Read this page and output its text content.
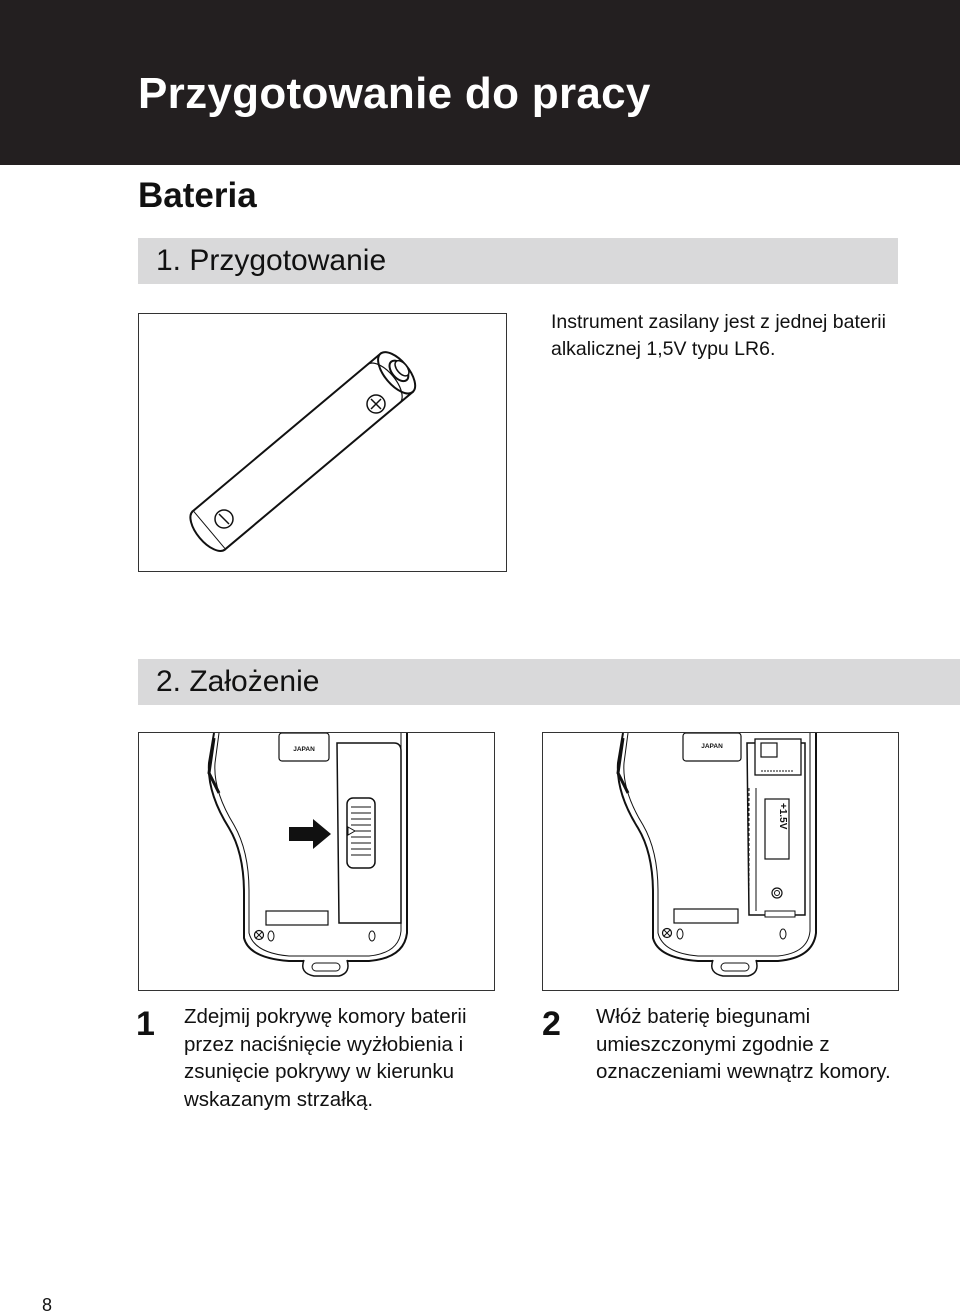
Przygotowanie do pracy
Bateria
1. Przygotowanie
Instrument zasilany jest z jednej baterii alkalicznej 1,5V typu LR6.
2. Założenie
JAPAN	JAPAN
+1.5V
1 Zdejmij pokrywę komory baterii przez naciśnięcie wyżłobienia i zsunięcie pokrywy w kierunku wskazanym strzałką.
2 Włóż baterię biegunami umieszczonymi zgodnie z oznaczeniami wewnątrz komory.
8
